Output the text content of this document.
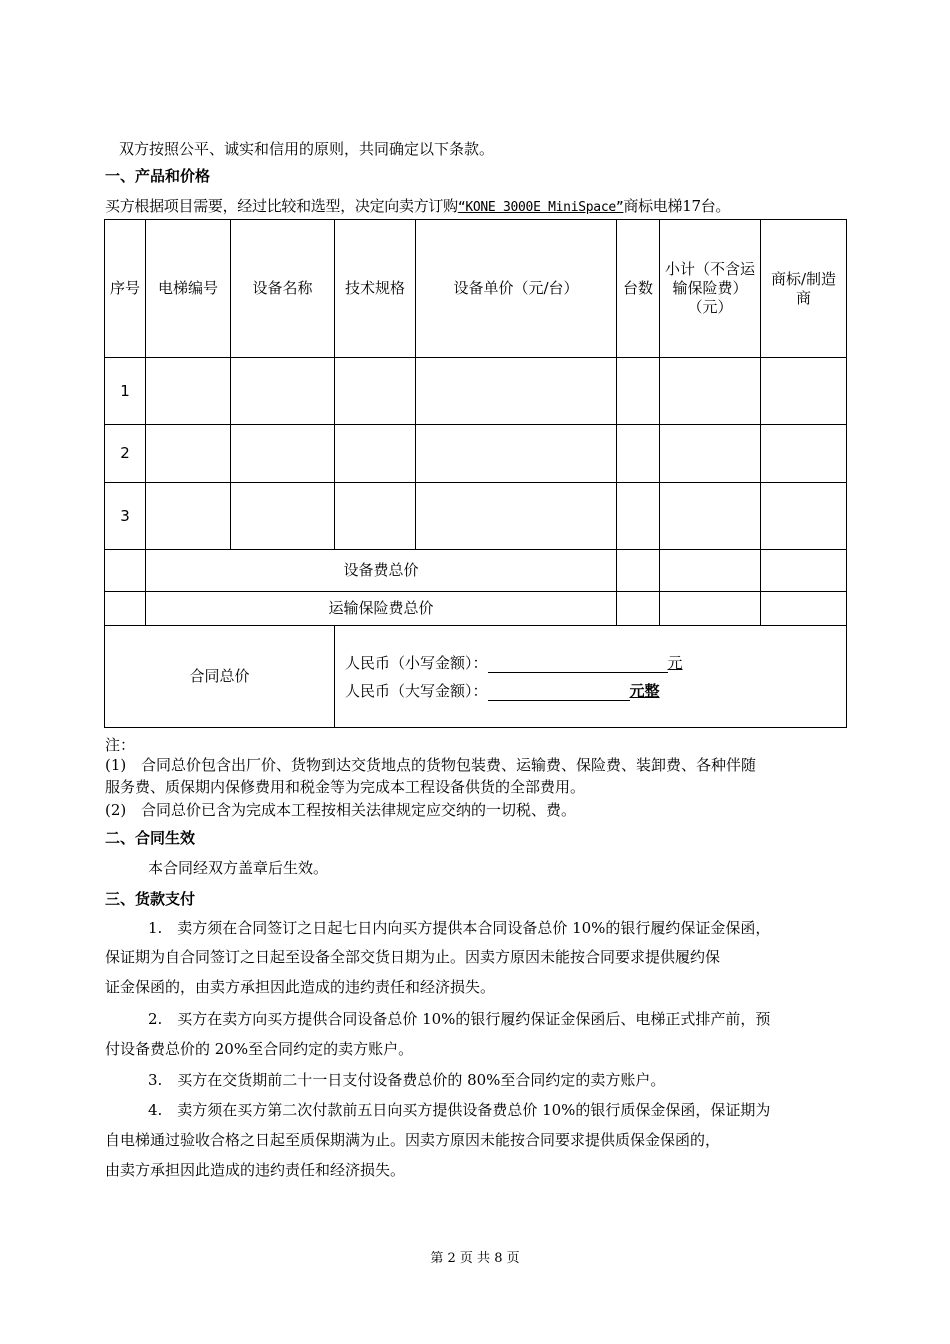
双方按照公平、诚实和信用的原则，共同确定以下条款。
一、产品和价格
买方根据项目需要，经过比较和选型，决定向卖方订购“KONE 3000E MiniSpace”商标电梯17台。
序号	电梯编号	设备名称	技术规格	设备单价（元/台）	台数	小计（不含运输保险费）（元）	商标/制造商
1							
2							
3							
	设备费总价						
	运输保险费总价						
合同总价			人民币（小写金额）： 元
人民币（大写金额）： 元整				
注：
(1) 合同总价包含出厂价、货物到达交货地点的货物包装费、运输费、保险费、装卸费、各种伴随
服务费、质保期内保修费用和税金等为完成本工程设备供货的全部费用。
(2) 合同总价已含为完成本工程按相关法律规定应交纳的一切税、费。
二、合同生效
本合同经双方盖章后生效。
三、货款支付
1.　卖方须在合同签订之日起七日内向买方提供本合同设备总价 10%的银行履约保证金保函，
保证期为自合同签订之日起至设备全部交货日期为止。因卖方原因未能按合同要求提供履约保
证金保函的，由卖方承担因此造成的违约责任和经济损失。
2.　买方在卖方向买方提供合同设备总价 10%的银行履约保证金保函后、电梯正式排产前，预
付设备费总价的 20%至合同约定的卖方账户。
3.　买方在交货期前二十一日支付设备费总价的 80%至合同约定的卖方账户。
4.　卖方须在买方第二次付款前五日向买方提供设备费总价 10%的银行质保金保函，保证期为
自电梯通过验收合格之日起至质保期满为止。因卖方原因未能按合同要求提供质保金保函的，
由卖方承担因此造成的违约责任和经济损失。
第 2 页 共 8 页
